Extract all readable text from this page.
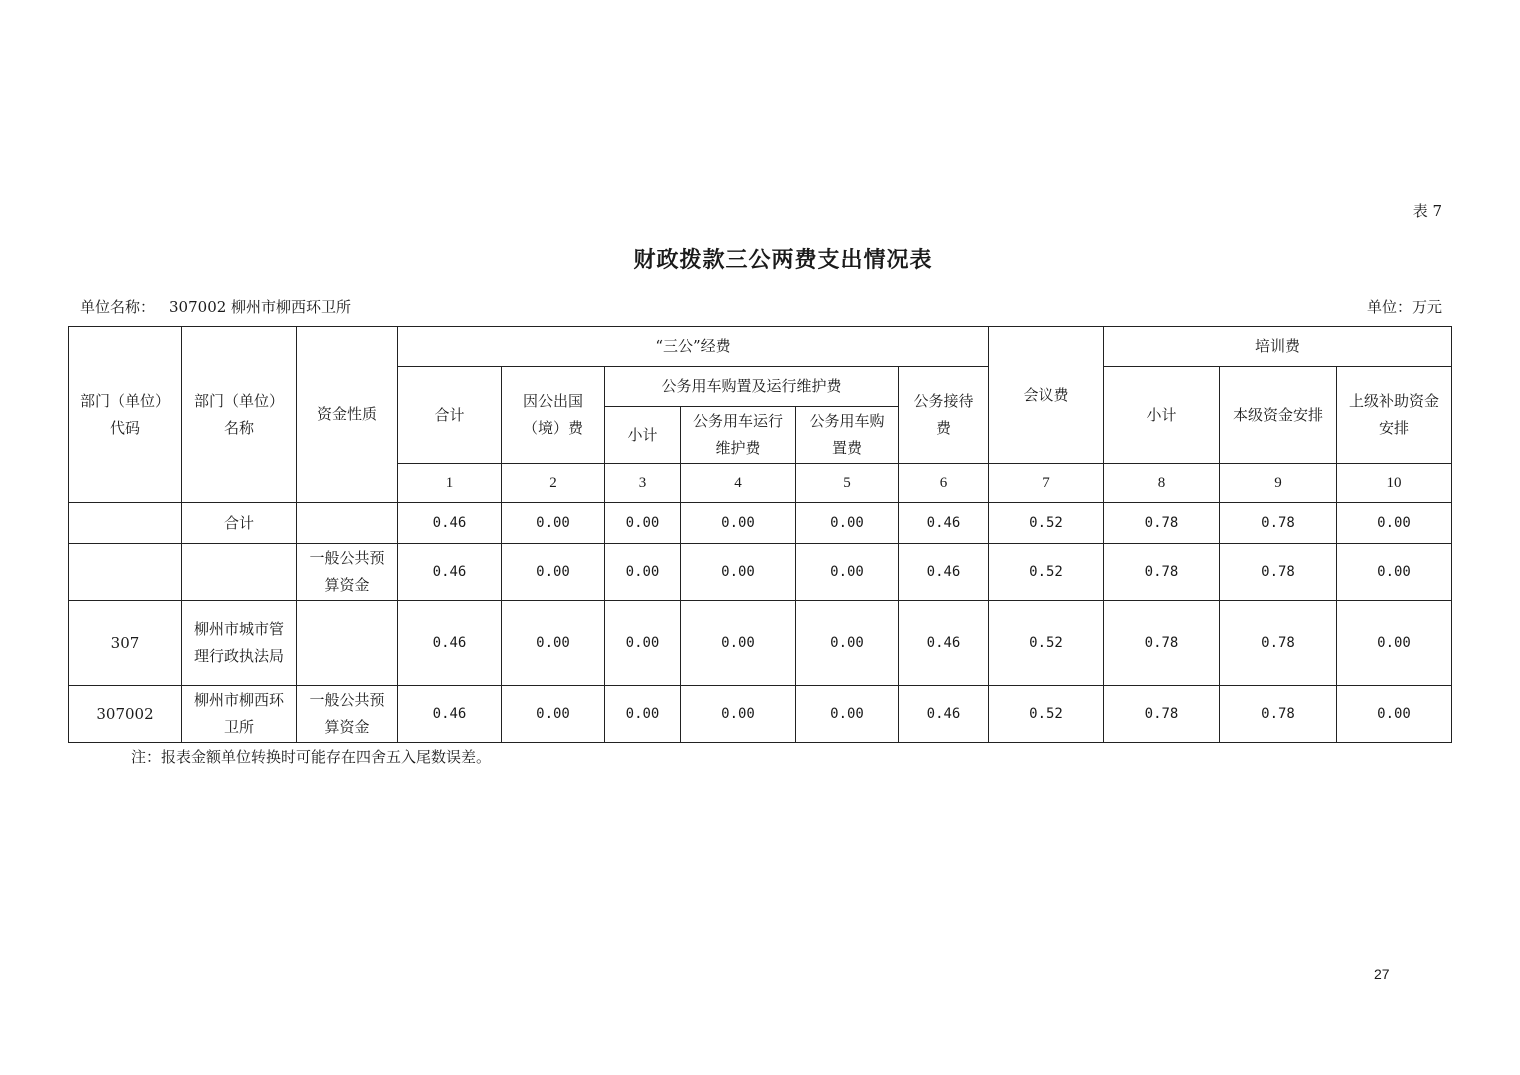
表 7
财政拨款三公两费支出情况表
单位名称： 307002 柳州市柳西环卫所	单位：万元
部门（单位）代码	部门（单位）名称	资金性质	“三公”经费						会议费	培训费		
			合计	因公出国（境）费	公务用车购置及运行维护费			公务接待费		小计	本级资金安排	上级补助资金安排
					小计	公务用车运行维护费	公务用车购置费					
			1	2	3	4	5	6	7	8	9	10
	合计		0.46	0.00	0.00	0.00	0.00	0.46	0.52	0.78	0.78	0.00
		一般公共预算资金	0.46	0.00	0.00	0.00	0.00	0.46	0.52	0.78	0.78	0.00
307	柳州市城市管理行政执法局		0.46	0.00	0.00	0.00	0.00	0.46	0.52	0.78	0.78	0.00
307002	柳州市柳西环卫所	一般公共预算资金	0.46	0.00	0.00	0.00	0.00	0.46	0.52	0.78	0.78	0.00
注：报表金额单位转换时可能存在四舍五入尾数误差。
27
